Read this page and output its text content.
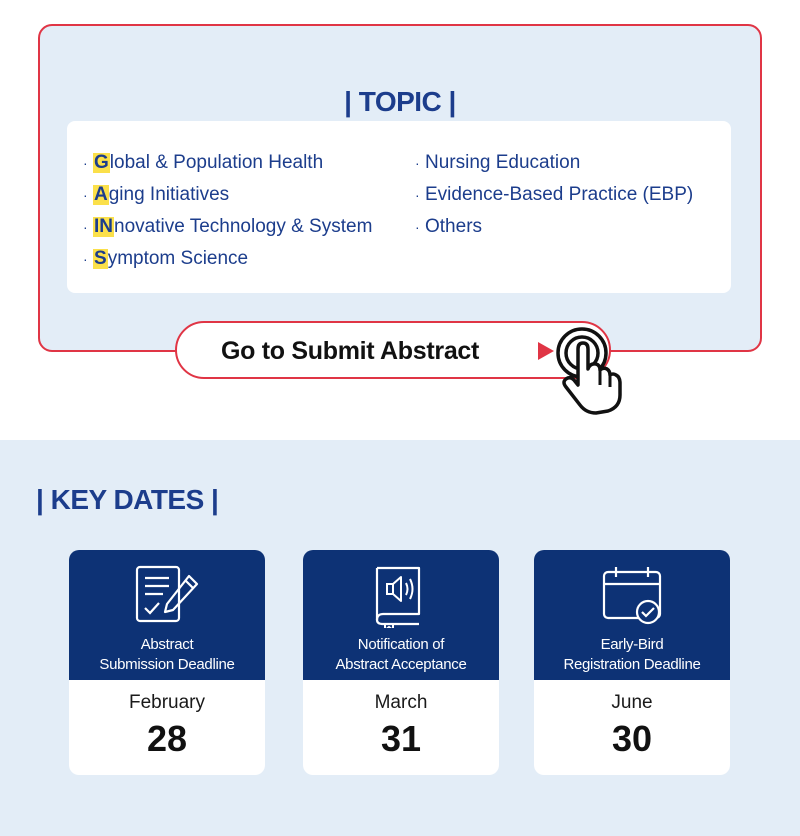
| TOPIC |
· G lobal & Population Health
· A ging Initiatives
· IN novative Technology & System
· S ymptom Science
· Nursing Education
· Evidence-Based Practice (EBP)
· Others
Go to Submit Abstract
| KEY DATES |
Abstract
Submission Deadline
February
28
Notification of
Abstract Acceptance
March
31
Early-Bird
Registration Deadline
June
30
